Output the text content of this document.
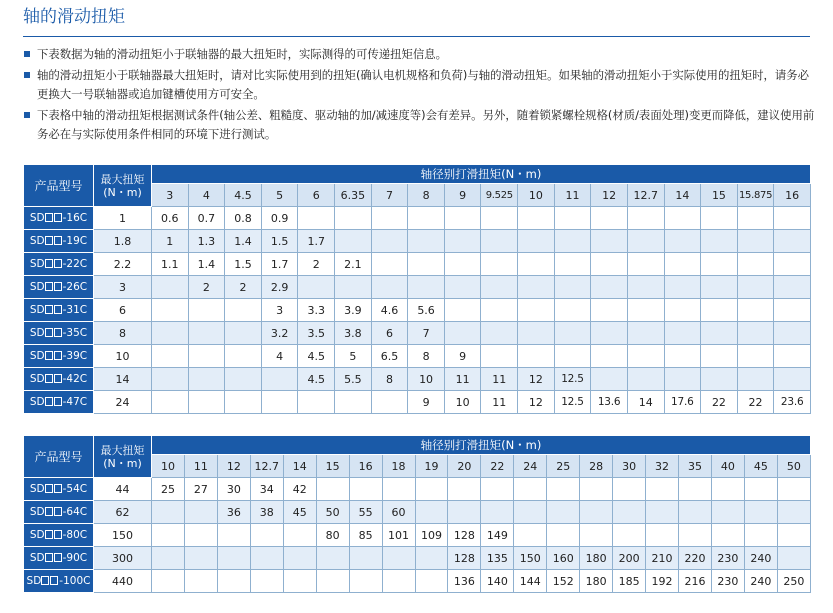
轴的滑动扭矩
下表数据为轴的滑动扭矩小于联轴器的最大扭矩时，实际测得的可传递扭矩信息。
轴的滑动扭矩小于联轴器最大扭矩时，请对比实际使用到的扭矩(确认电机规格和负荷)与轴的滑动扭矩。如果轴的滑动扭矩小于实际使用的扭矩时，请务必更换大一号联轴器或追加键槽使用方可安全。
下表格中轴的滑动扭矩根据测试条件(轴公差、粗糙度、驱动轴的加/减速度等)会有差异。另外，随着锁紧螺栓规格(材质/表面处理)变更而降低，建议使用前务必在与实际使用条件相同的环境下进行测试。
产品型号	最大扭矩(N・m)	轴径别打滑扭矩(N・m)																	
		3	4	4.5	5	6	6.35	7	8	9	9.525	10	11	12	12.7	14	15	15.875	16
SD -16C	1	0.6	0.7	0.8	0.9														
SD -19C	1.8	1	1.3	1.4	1.5	1.7													
SD -22C	2.2	1.1	1.4	1.5	1.7	2	2.1												
SD -26C	3		2	2	2.9														
SD -31C	6				3	3.3	3.9	4.6	5.6										
SD -35C	8				3.2	3.5	3.8	6	7										
SD -39C	10				4	4.5	5	6.5	8	9									
SD -42C	14					4.5	5.5	8	10	11	11	12	12.5						
SD -47C	24								9	10	11	12	12.5	13.6	14	17.6	22	22	23.6
产品型号	最大扭矩(N・m)	轴径别打滑扭矩(N・m)																			
		10	11	12	12.7	14	15	16	18	19	20	22	24	25	28	30	32	35	40	45	50
SD -54C	44	25	27	30	34	42															
SD -64C	62			36	38	45	50	55	60												
SD -80C	150						80	85	101	109	128	149									
SD -90C	300										128	135	150	160	180	200	210	220	230	240	
SD -100C	440										136	140	144	152	180	185	192	216	230	240	250
